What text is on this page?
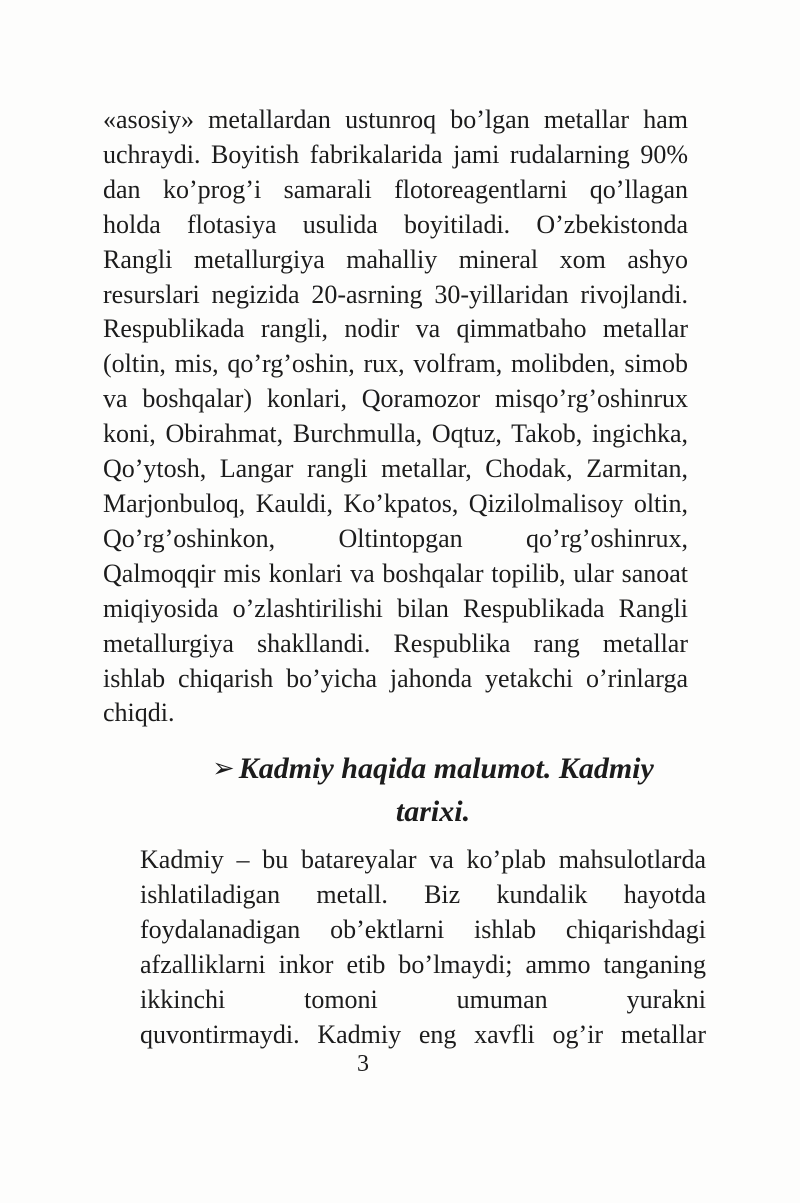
«asosiy» metallardan ustunroq bo’lgan metallar ham
uchraydi. Boyitish fabrikalarida jami rudalarning 90%
dan ko’prog’i samarali flotoreagentlarni qo’llagan
holda flotasiya usulida boyitiladi. O’zbekistonda
Rangli metallurgiya mahalliy mineral xom ashyo
resurslari negizida 20-asrning 30-yillaridan rivojlandi.
Respublikada rangli, nodir va qimmatbaho metallar
(oltin, mis, qo’rg’oshin, rux, volfram, molibden, simob
va boshqalar) konlari, Qoramozor misqo’rg’oshinrux
koni, Obirahmat, Burchmulla, Oqtuz, Takob, ingichka,
Qo’ytosh, Langar rangli metallar, Chodak, Zarmitan,
Marjonbuloq, Kauldi, Ko’kpatos, Qizilolmalisoy oltin,
Qo’rg’oshinkon, Oltintopgan qo’rg’oshinrux,
Qalmoqqir mis konlari va boshqalar topilib, ular sanoat
miqiyosida o’zlashtirilishi bilan Respublikada Rangli
metallurgiya shakllandi. Respublika rang metallar
ishlab chiqarish bo’yicha jahonda yetakchi o’rinlarga
chiqdi.
➢ Kadmiy haqida malumot. Kadmiy
tarixi.
Kadmiy – bu batareyalar va ko’plab mahsulotlarda
ishlatiladigan metall. Biz kundalik hayotda
foydalanadigan ob’ektlarni ishlab chiqarishdagi
afzalliklarni inkor etib bo’lmaydi; ammo tanganing
ikkinchi tomoni umuman yurakni
quvontirmaydi. Kadmiy eng xavfli og’ir metallar
3
